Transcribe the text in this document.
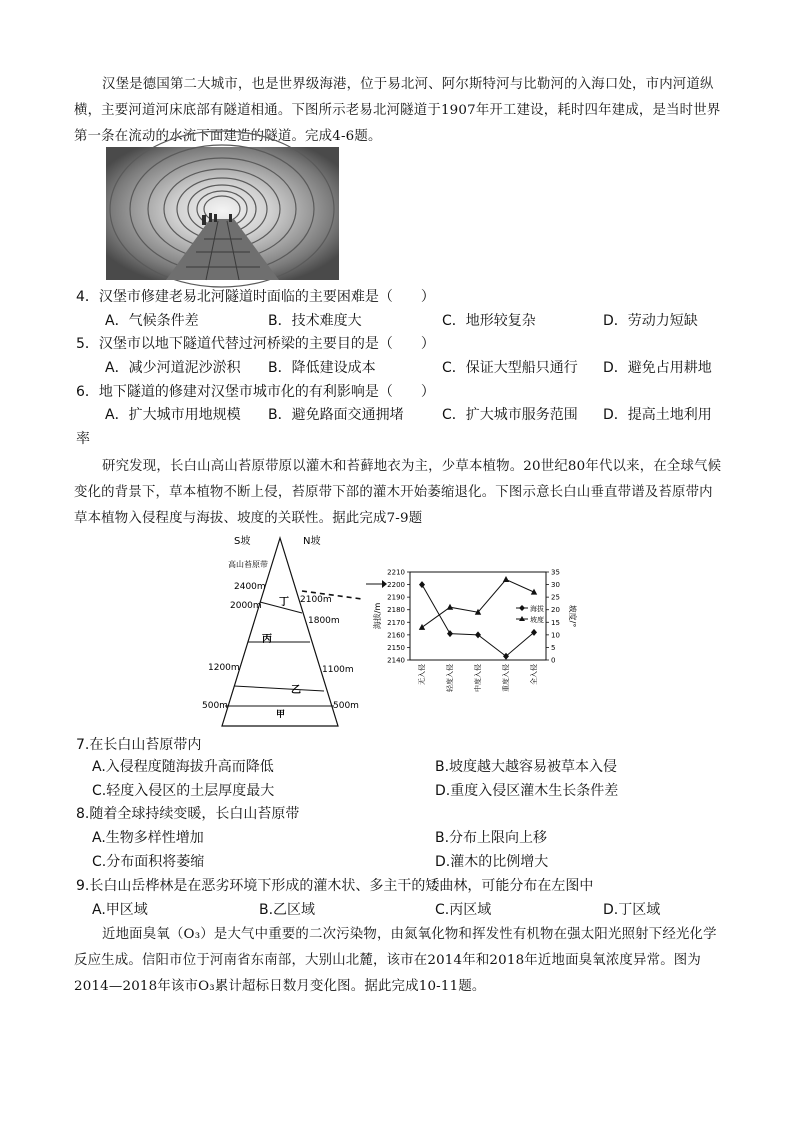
汉堡是德国第二大城市，也是世界级海港，位于易北河、阿尔斯特河与比勒河的入海口处，市内河道纵横，主要河道河床底部有隧道相通。下图所示老易北河隧道于1907年开工建设，耗时四年建成，是当时世界第一条在流动的水流下面建造的隧道。完成4-6题。
4．汉堡市修建老易北河隧道时面临的主要困难是（　　）
A．气候条件差	B．技术难度大	C．地形较复杂	D．劳动力短缺
5．汉堡市以地下隧道代替过河桥梁的主要目的是（　　）
A．减少河道泥沙淤积 B．降低建设成本	C．保证大型船只通行 D．避免占用耕地
6．地下隧道的修建对汉堡市城市化的有利影响是（　　）
A．扩大城市用地规模 B．避免路面交通拥堵	C．扩大城市服务范围 D．提高土地利用
率
研究发现，长白山高山苔原带原以灌木和苔藓地衣为主，少草本植物。20世纪80年代以来，在全球气候变化的背景下，草本植物不断上侵，苔原带下部的灌木开始萎缩退化。下图示意长白山垂直带谱及苔原带内草本植物入侵程度与海拔、坡度的关联性。据此完成7-9题
S坡	N坡
高山苔原带
2400m
2000m
1200m
500m
2100m
1800m
1100m
500m
丁
丙
乙
甲
海拔/m	坡度/°
2210
2200
2190
2180
2170
2160
2150
2140
35
30
25
20
15
10
5
0
无入侵	轻度入侵	中度入侵	重度入侵	全入侵
海拔
坡度
7.在长白山苔原带内
A.入侵程度随海拔升高而降低	B.坡度越大越容易被草本入侵
C.轻度入侵区的土层厚度最大	D.重度入侵区灌木生长条件差
8.随着全球持续变暖，长白山苔原带
A.生物多样性增加	B.分布上限向上移
C.分布面积将萎缩	D.灌木的比例增大
9.长白山岳桦林是在恶劣环境下形成的灌木状、多主干的矮曲林，可能分布在左图中
A.甲区域	B.乙区域	C.丙区域	D.丁区域
近地面臭氧（O₃）是大气中重要的二次污染物，由氮氧化物和挥发性有机物在强太阳光照射下经光化学反应生成。信阳市位于河南省东南部，大别山北麓，该市在2014年和2018年近地面臭氧浓度异常。图为2014—2018年该市O₃累计超标日数月变化图。据此完成10-11题。
